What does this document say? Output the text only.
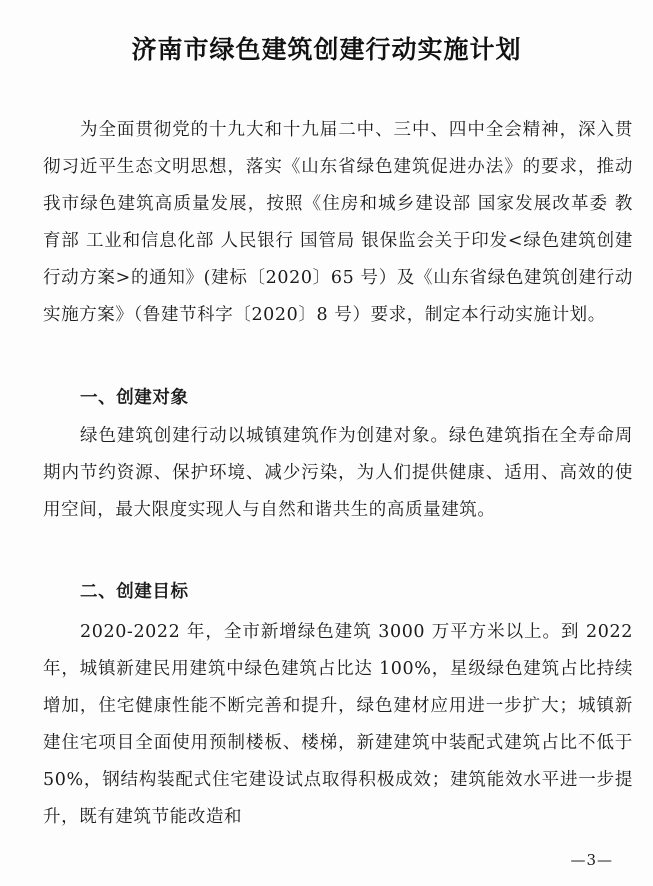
济南市绿色建筑创建行动实施计划

为全面贯彻党的十九大和十九届二中、三中、四中全会精神，深入贯彻习近平生态文明思想，落实《山东省绿色建筑促进办法》的要求，推动我市绿色建筑高质量发展，按照《住房和城乡建设部 国家发展改革委 教育部 工业和信息化部 人民银行 国管局 银保监会关于印发<绿色建筑创建行动方案>的通知》(建标〔2020〕65 号）及《山东省绿色建筑创建行动实施方案》（鲁建节科字〔2020〕8 号）要求，制定本行动实施计划。

一、创建对象

绿色建筑创建行动以城镇建筑作为创建对象。绿色建筑指在全寿命周期内节约资源、保护环境、减少污染，为人们提供健康、适用、高效的使用空间，最大限度实现人与自然和谐共生的高质量建筑。

二、创建目标

2020-2022 年，全市新增绿色建筑 3000 万平方米以上。到 2022 年，城镇新建民用建筑中绿色建筑占比达 100%，星级绿色建筑占比持续增加，住宅健康性能不断完善和提升，绿色建材应用进一步扩大；城镇新建住宅项目全面使用预制楼板、楼梯，新建建筑中装配式建筑占比不低于 50%，钢结构装配式住宅建设试点取得积极成效；建筑能效水平进一步提升，既有建筑节能改造和

—3—
